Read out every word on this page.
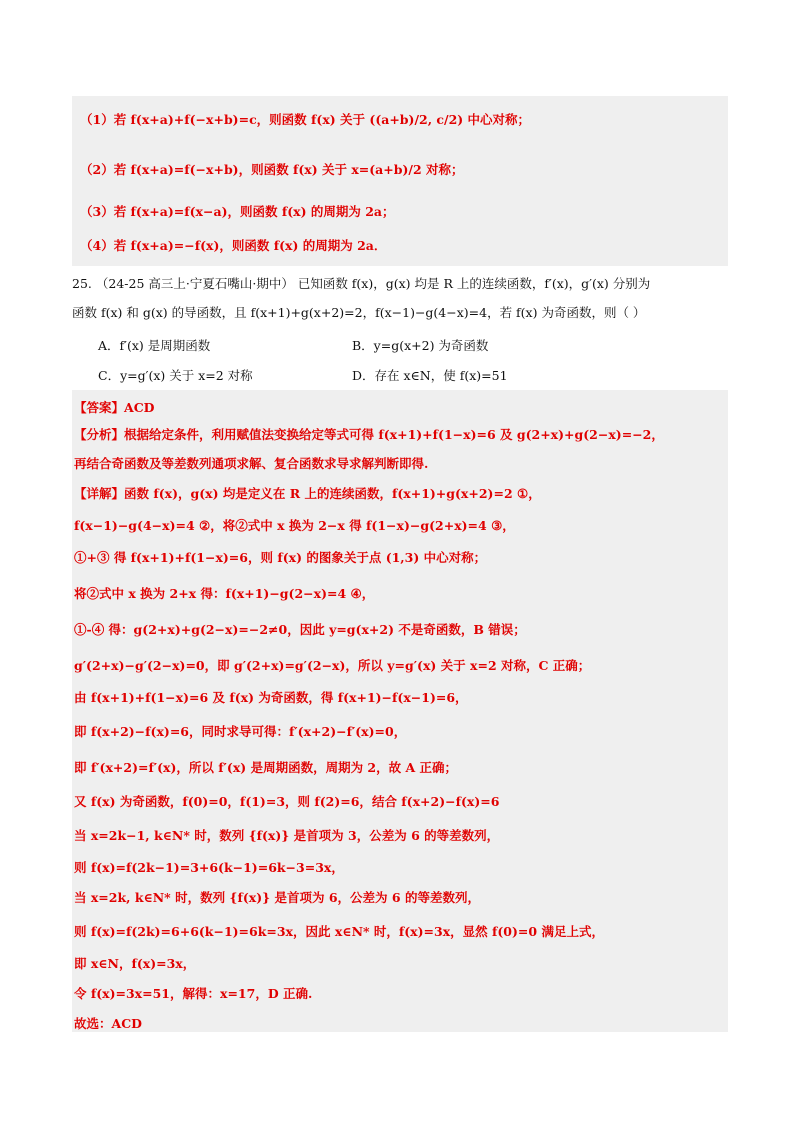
（1）若 f(x+a)+f(−x+b)=c，则函数 f(x) 关于 ((a+b)/2, c/2) 中心对称；
（2）若 f(x+a)=f(−x+b)，则函数 f(x) 关于 x=(a+b)/2 对称；
（3）若 f(x+a)=f(x−a)，则函数 f(x) 的周期为 2a；
（4）若 f(x+a)=−f(x)，则函数 f(x) 的周期为 2a．
25. （24-25 高三上·宁夏石嘴山·期中） 已知函数 f(x)，g(x) 均是 R 上的连续函数，f′(x)，g′(x) 分别为
函数 f(x) 和 g(x) 的导函数，且 f(x+1)+g(x+2)=2，f(x−1)−g(4−x)=4，若 f(x) 为奇函数，则（ ）
A．f′(x) 是周期函数	B．y=g(x+2) 为奇函数
C．y=g′(x) 关于 x=2 对称	D．存在 x∈N，使 f(x)=51
【答案】ACD
【分析】根据给定条件，利用赋值法变换给定等式可得 f(x+1)+f(1−x)=6 及 g(2+x)+g(2−x)=−2，
再结合奇函数及等差数列通项求解、复合函数求导求解判断即得.
【详解】函数 f(x)，g(x) 均是定义在 R 上的连续函数，f(x+1)+g(x+2)=2 ①，
f(x−1)−g(4−x)=4 ②，将②式中 x 换为 2−x 得 f(1−x)−g(2+x)=4 ③，
①+③ 得 f(x+1)+f(1−x)=6，则 f(x) 的图象关于点 (1,3) 中心对称；
将②式中 x 换为 2+x 得：f(x+1)−g(2−x)=4 ④，
①-④ 得：g(2+x)+g(2−x)=−2≠0，因此 y=g(x+2) 不是奇函数，B 错误；
g′(2+x)−g′(2−x)=0，即 g′(2+x)=g′(2−x)，所以 y=g′(x) 关于 x=2 对称，C 正确；
由 f(x+1)+f(1−x)=6 及 f(x) 为奇函数，得 f(x+1)−f(x−1)=6，
即 f(x+2)−f(x)=6，同时求导可得：f′(x+2)−f′(x)=0，
即 f′(x+2)=f′(x)，所以 f′(x) 是周期函数，周期为 2，故 A 正确；
又 f(x) 为奇函数，f(0)=0，f(1)=3，则 f(2)=6，结合 f(x+2)−f(x)=6
当 x=2k−1, k∈N* 时，数列 {f(x)} 是首项为 3，公差为 6 的等差数列，
则 f(x)=f(2k−1)=3+6(k−1)=6k−3=3x，
当 x=2k, k∈N* 时，数列 {f(x)} 是首项为 6，公差为 6 的等差数列，
则 f(x)=f(2k)=6+6(k−1)=6k=3x，因此 x∈N* 时，f(x)=3x，显然 f(0)=0 满足上式，
即 x∈N，f(x)=3x，
令 f(x)=3x=51，解得：x=17，D 正确.
故选：ACD
